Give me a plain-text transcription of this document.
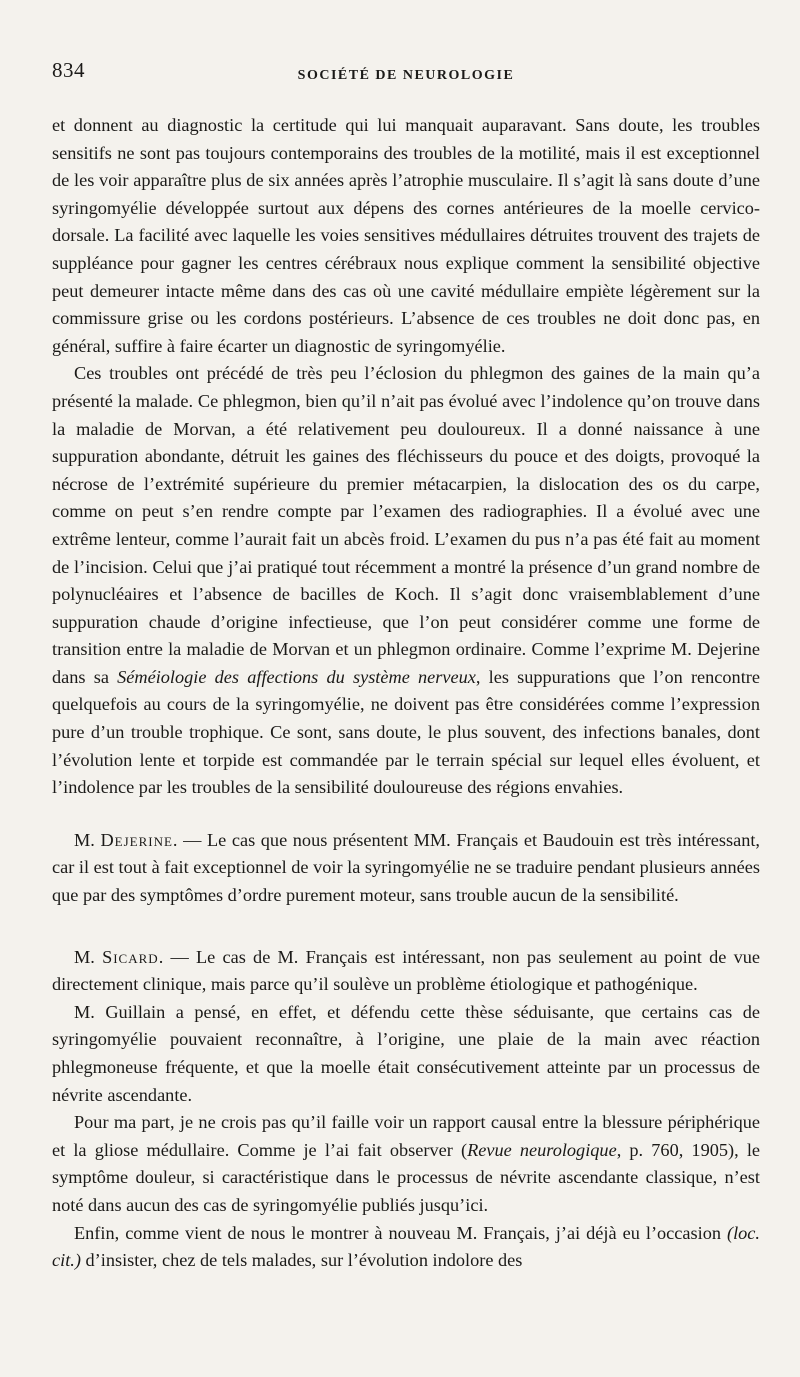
834	SOCIÉTÉ DE NEUROLOGIE

et donnent au diagnostic la certitude qui lui manquait auparavant. Sans doute, les troubles sensitifs ne sont pas toujours contemporains des troubles de la motilité, mais il est exceptionnel de les voir apparaître plus de six années après l’atrophie musculaire. Il s’agit là sans doute d’une syringomyélie développée surtout aux dépens des cornes antérieures de la moelle cervico-dorsale. La facilité avec laquelle les voies sensitives médullaires détruites trouvent des trajets de suppléance pour gagner les centres cérébraux nous explique comment la sensibilité objective peut demeurer intacte même dans des cas où une cavité médullaire empiète légèrement sur la commissure grise ou les cordons postérieurs. L’absence de ces troubles ne doit donc pas, en général, suffire à faire écarter un diagnostic de syringomyélie.

Ces troubles ont précédé de très peu l’éclosion du phlegmon des gaines de la main qu’a présenté la malade. Ce phlegmon, bien qu’il n’ait pas évolué avec l’indolence qu’on trouve dans la maladie de Morvan, a été relativement peu douloureux. Il a donné naissance à une suppuration abondante, détruit les gaines des fléchisseurs du pouce et des doigts, provoqué la nécrose de l’extrémité supérieure du premier métacarpien, la dislocation des os du carpe, comme on peut s’en rendre compte par l’examen des radiographies. Il a évolué avec une extrême lenteur, comme l’aurait fait un abcès froid. L’examen du pus n’a pas été fait au moment de l’incision. Celui que j’ai pratiqué tout récemment a montré la présence d’un grand nombre de polynucléaires et l’absence de bacilles de Koch. Il s’agit donc vraisemblablement d’une suppuration chaude d’origine infectieuse, que l’on peut considérer comme une forme de transition entre la maladie de Morvan et un phlegmon ordinaire. Comme l’exprime M. Dejerine dans sa Séméiologie des affections du système nerveux, les suppurations que l’on rencontre quelquefois au cours de la syringomyélie, ne doivent pas être considérées comme l’expression pure d’un trouble trophique. Ce sont, sans doute, le plus souvent, des infections banales, dont l’évolution lente et torpide est commandée par le terrain spécial sur lequel elles évoluent, et l’indolence par les troubles de la sensibilité douloureuse des régions envahies.

M. Dejerine. — Le cas que nous présentent MM. Français et Baudouin est très intéressant, car il est tout à fait exceptionnel de voir la syringomyélie ne se traduire pendant plusieurs années que par des symptômes d’ordre purement moteur, sans trouble aucun de la sensibilité.

M. Sicard. — Le cas de M. Français est intéressant, non pas seulement au point de vue directement clinique, mais parce qu’il soulève un problème étiologique et pathogénique.

M. Guillain a pensé, en effet, et défendu cette thèse séduisante, que certains cas de syringomyélie pouvaient reconnaître, à l’origine, une plaie de la main avec réaction phlegmoneuse fréquente, et que la moelle était consécutivement atteinte par un processus de névrite ascendante.

Pour ma part, je ne crois pas qu’il faille voir un rapport causal entre la blessure périphérique et la gliose médullaire. Comme je l’ai fait observer (Revue neurologique, p. 760, 1905), le symptôme douleur, si caractéristique dans le processus de névrite ascendante classique, n’est noté dans aucun des cas de syringomyélie publiés jusqu’ici.

Enfin, comme vient de nous le montrer à nouveau M. Français, j’ai déjà eu l’occasion (loc. cit.) d’insister, chez de tels malades, sur l’évolution indolore des
